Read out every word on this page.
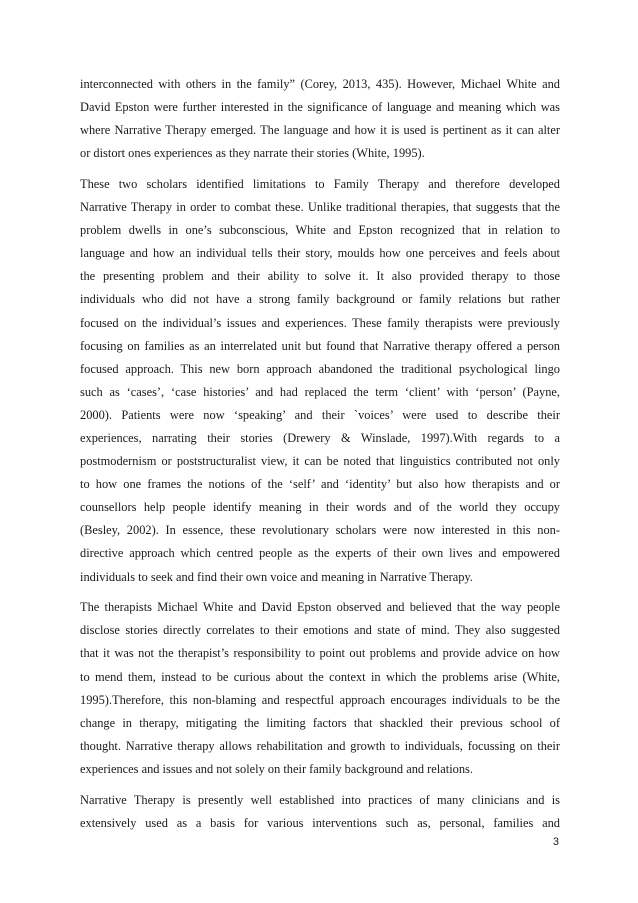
interconnected with others in the family” (Corey, 2013, 435). However, Michael White and
David Epston were further interested in the significance of language and meaning which was
where Narrative Therapy emerged. The language and how it is used is pertinent as it can alter
or distort ones experiences as they narrate their stories (White, 1995).
These two scholars identified limitations to Family Therapy and therefore developed
Narrative Therapy in order to combat these. Unlike traditional therapies, that suggests that the
problem dwells in one’s subconscious, White and Epston recognized that in relation to
language and how an individual tells their story, moulds how one perceives and feels about
the presenting problem and their ability to solve it. It also provided therapy to those
individuals who did not have a strong family background or family relations but rather
focused on the individual’s issues and experiences. These family therapists were previously
focusing on families as an interrelated unit but found that Narrative therapy offered a person
focused approach. This new born approach abandoned the traditional psychological lingo
such as ‘cases’, ‘case histories’ and had replaced the term ‘client’ with ‘person’ (Payne,
2000). Patients were now ‘speaking’ and their `voices’ were used to describe their
experiences, narrating their stories (Drewery & Winslade, 1997).With regards to a
postmodernism or poststructuralist view, it can be noted that linguistics contributed not only
to how one frames the notions of the ‘self’ and ‘identity’ but also how therapists and or
counsellors help people identify meaning in their words and of the world they occupy
(Besley, 2002). In essence, these revolutionary scholars were now interested in this non-
directive approach which centred people as the experts of their own lives and empowered
individuals to seek and find their own voice and meaning in Narrative Therapy.
The therapists Michael White and David Epston observed and believed that the way people
disclose stories directly correlates to their emotions and state of mind. They also suggested
that it was not the therapist’s responsibility to point out problems and provide advice on how
to mend them, instead to be curious about the context in which the problems arise (White,
1995).Therefore, this non-blaming and respectful approach encourages individuals to be the
change in therapy, mitigating the limiting factors that shackled their previous school of
thought. Narrative therapy allows rehabilitation and growth to individuals, focussing on their
experiences and issues and not solely on their family background and relations.
Narrative Therapy is presently well established into practices of many clinicians and is
extensively used as a basis for various interventions such as, personal, families and
3
